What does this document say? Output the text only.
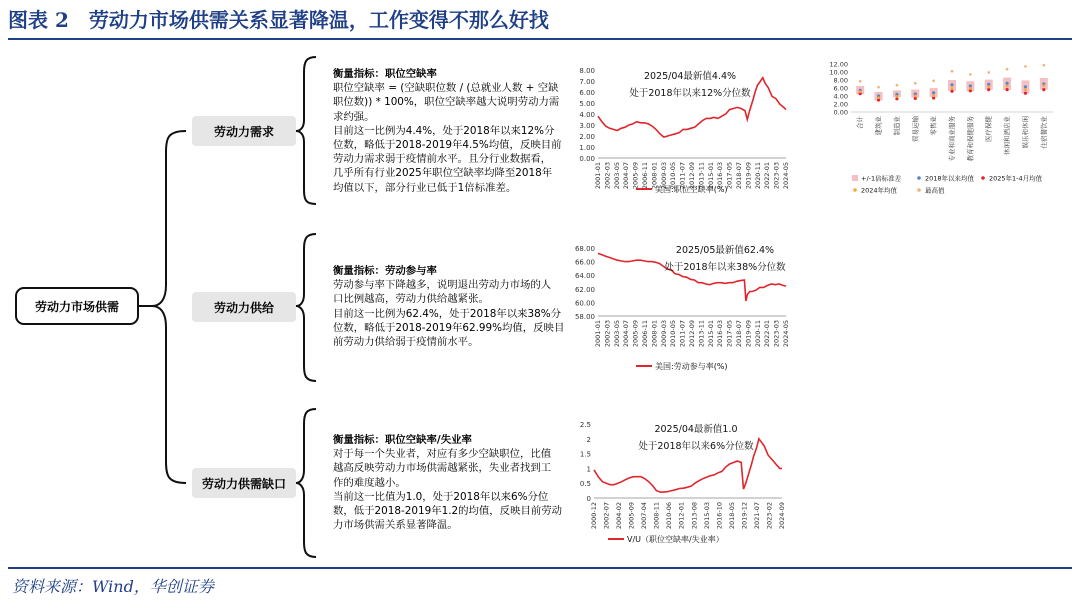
图表 2　劳动力市场供需关系显著降温，工作变得不那么好找
劳动力市场供需
劳动力需求
劳动力供给
劳动力供需缺口
衡量指标：职位空缺率
职位空缺率 = (空缺职位数 / (总就业人数 + 空缺
职位数)) * 100%，职位空缺率越大说明劳动力需
求约强。
目前这一比例为4.4%，处于2018年以来12%分
位数，略低于2018-2019年4.5%均值，反映目前
劳动力需求弱于疫情前水平。且分行业数据看，
几乎所有行业2025年职位空缺率均降至2018年
均值以下，部分行业已低于1倍标准差。
衡量指标：劳动参与率
劳动参与率下降越多，说明退出劳动力市场的人
口比例越高，劳动力供给越紧张。
目前这一比例为62.4%，处于2018年以来38%分
位数，略低于2018-2019年62.99%均值，反映目
前劳动力供给弱于疫情前水平。
衡量指标：职位空缺率/失业率
对于每一个失业者，对应有多少空缺职位，比值
越高反映劳动力市场供需越紧张，失业者找到工
作的难度越小。
当前这一比值为1.0，处于2018年以来6%分位
数，低于2018-2019年1.2的均值，反映目前劳动
力市场供需关系显著降温。
0.00
1.00
2.00
3.00
4.00
5.00
6.00
7.00
8.00
2001-01 2002-03 2003-05 2004-07 2005-09 2006-11 2008-01 2009-03 2010-05 2011-07 2012-09 2013-11 2015-01 2016-03 2017-05 2018-07 2019-09 2020-11 2022-01 2023-03 2024-05
2025/04最新值4.4%
处于2018年以来12%分位数
美国:职位空缺率(%)
58.00
60.00
62.00
64.00
66.00
68.00
2001-01 2002-03 2003-05 2004-07 2005-09 2006-11 2008-01 2009-03 2010-05 2011-07 2012-09 2013-11 2015-01 2016-03 2017-05 2018-07 2019-09 2020-11 2022-01 2023-03 2024-05
2025/05最新值62.4%
处于2018年以来38%分位数
美国:劳动参与率(%)
0
0.5
1
1.5
2
2.5
2000-12 2002-07 2004-02 2005-09 2007-04 2008-11 2010-06 2012-01 2013-08 2015-03 2016-10 2018-05 2019-12 2021-07 2023-02 2024-09
2025/04最新值1.0
处于2018年以来6%分位数
V/U（职位空缺率/失业率）
0.00
2.00
4.00
6.00
8.00
10.00
12.00
合计 建筑业 制造业 贸易运输 零售业 专业和商业服务 教育和保健服务 医疗保健 休闲和酒店业 娱乐和休闲 住宿餐饮业
+/-1倍标准差	2018年以来均值 2025年1-4月均值
2024年均值	最高值
资料来源：Wind，华创证券
